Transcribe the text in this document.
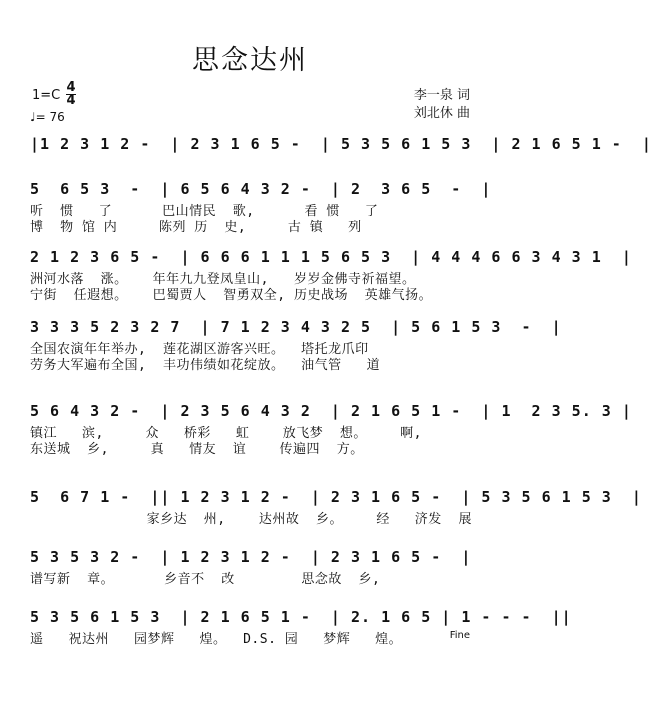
思念达州
李一泉 词
刘北休 曲
1=C
4
4
♩= 76
|1 2 3 1 2 -  | 2 3 1 6 5 -  | 5 3 5 6 1 5 3  | 2 1 6 5 1 -  |
5  6 5 3  -  | 6 5 6 4 3 2 -  | 2  3 6 5  -  |
听  惯   了      巴山情民  歌,      看 惯   了
博  物 馆 内     陈列 历  史,     古 镇   列
2 1 2 3 6 5 -  | 6 6 6 1 1 1 5 6 5 3  | 4 4 4 6 6 3 4 3 1  |
洲河水落  涨。   年年九九登凤皇山,   岁岁金佛寺祈福望。
宁街  任遐想。   巴蜀贾人  智勇双全, 历史战场  英雄气扬。
3 3 3 5 2 3 2 7  | 7 1 2 3 4 3 2 5  | 5 6 1 5 3  -  |
全国农演年年举办,  莲花湖区游客兴旺。  塔托龙爪印
劳务大军遍布全国,  丰功伟绩如花绽放。  油气管   道
5 6 4 3 2 -  | 2 3 5 6 4 3 2  | 2 1 6 5 1 -  | 1  2 3 5. 3 |
镇江   滨,     众   桥彩   虹    放飞梦  想。    啊,
东送城  乡,     真   情友  谊    传遍四  方。
5  6 7 1 -  || 1 2 3 1 2 -  | 2 3 1 6 5 -  | 5 3 5 6 1 5 3  |
家乡达  州,    达州故  乡。    经   济发  展
5 3 5 3 2 -  | 1 2 3 1 2 -  | 2 3 1 6 5 -  |
谱写新  章。      乡音不  改        思念故  乡,
5 3 5 6 1 5 3  | 2 1 6 5 1 -  | 2. 1 6 5 | 1 - - -  ||
遥   祝达州   园梦辉   煌。  D.S. 园   梦辉   煌。	Fine
